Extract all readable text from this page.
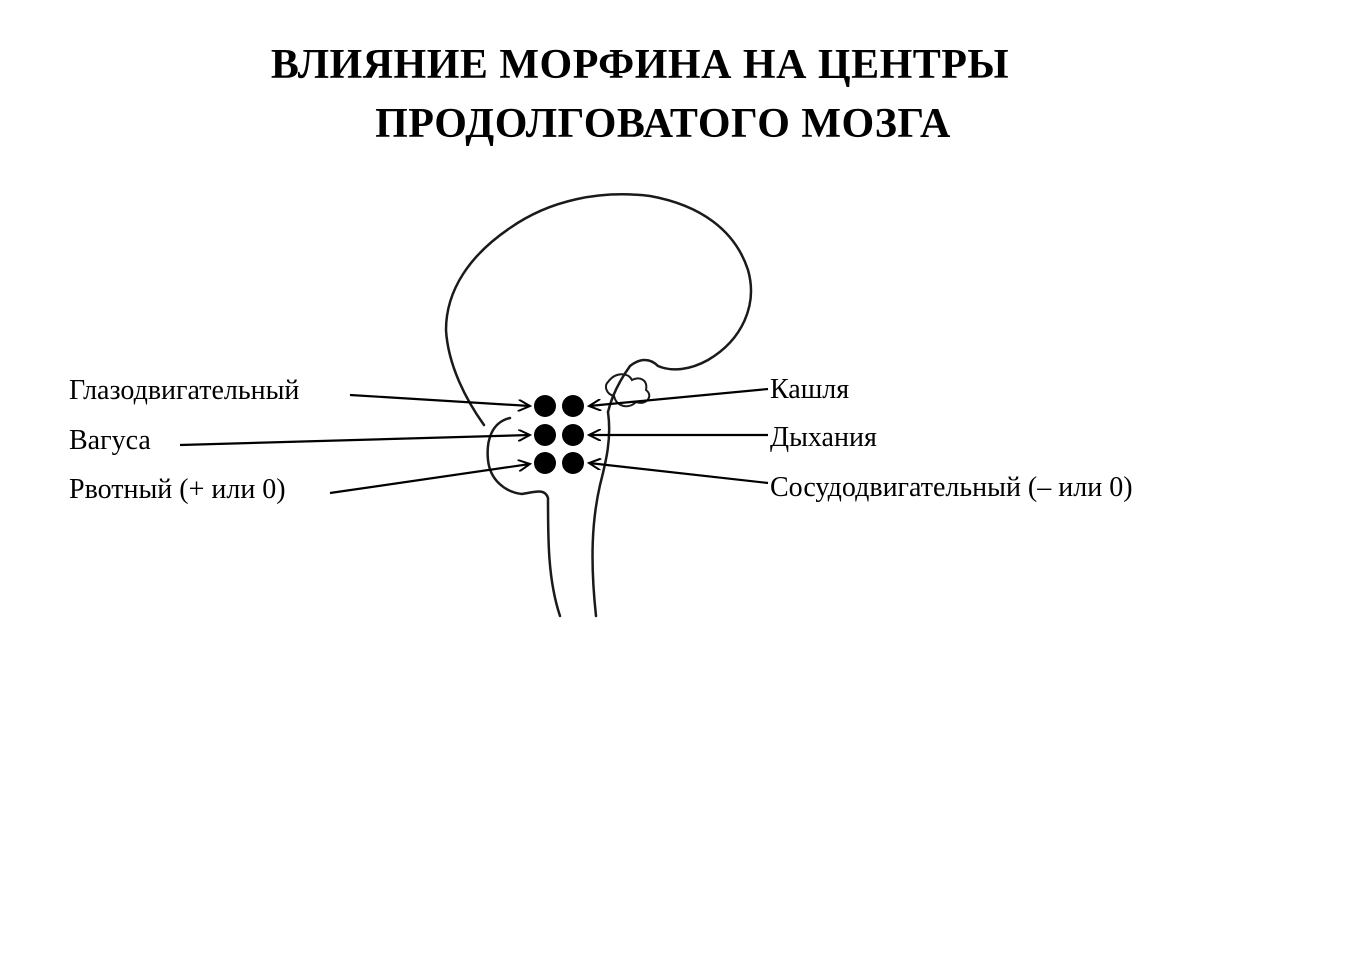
ВЛИЯНИЕ МОРФИНА НА ЦЕНТРЫ
ПРОДОЛГОВАТОГО МОЗГА
Глазодвигательный
Вагуса
Рвотный (+ или 0)
Кашля
Дыхания
Сосудодвигательный (– или 0)
